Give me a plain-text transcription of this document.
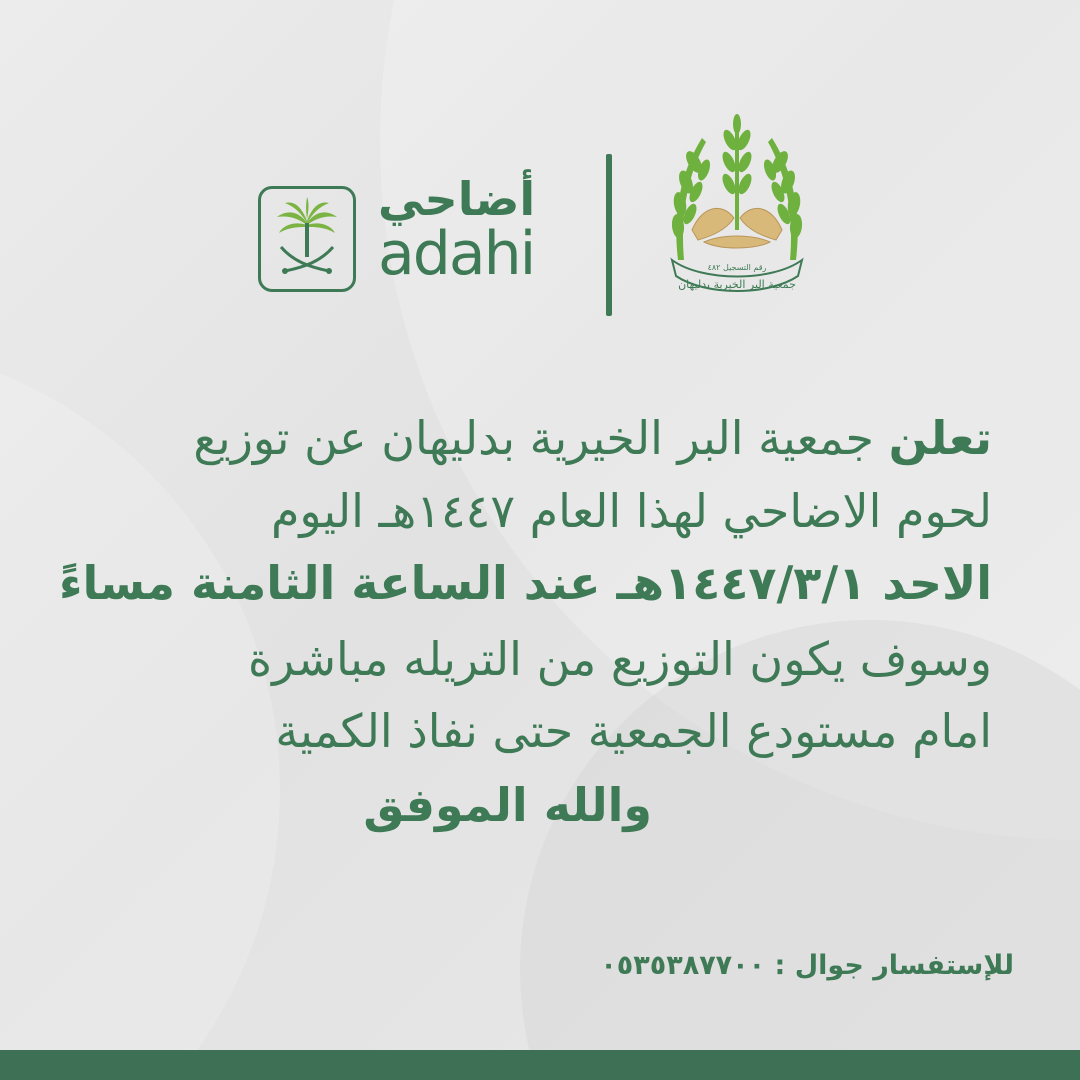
أضاحي
adahi	رقم التسجيل ٤٨٢
جمعية البر الخيرية بدليهان
تعلن جمعية البر الخيرية بدليهان عن توزيع
لحوم الاضاحي لهذا العام ١٤٤٧هـ اليوم
الاحد ١٤٤٧/٣/١هـ عند الساعة الثامنة مساءً
وسوف يكون التوزيع من التريله مباشرة
امام مستودع الجمعية حتى نفاذ الكمية
والله الموفق
للإستفسار جوال : ٠٥٣٥٣٨٧٧٠٠
